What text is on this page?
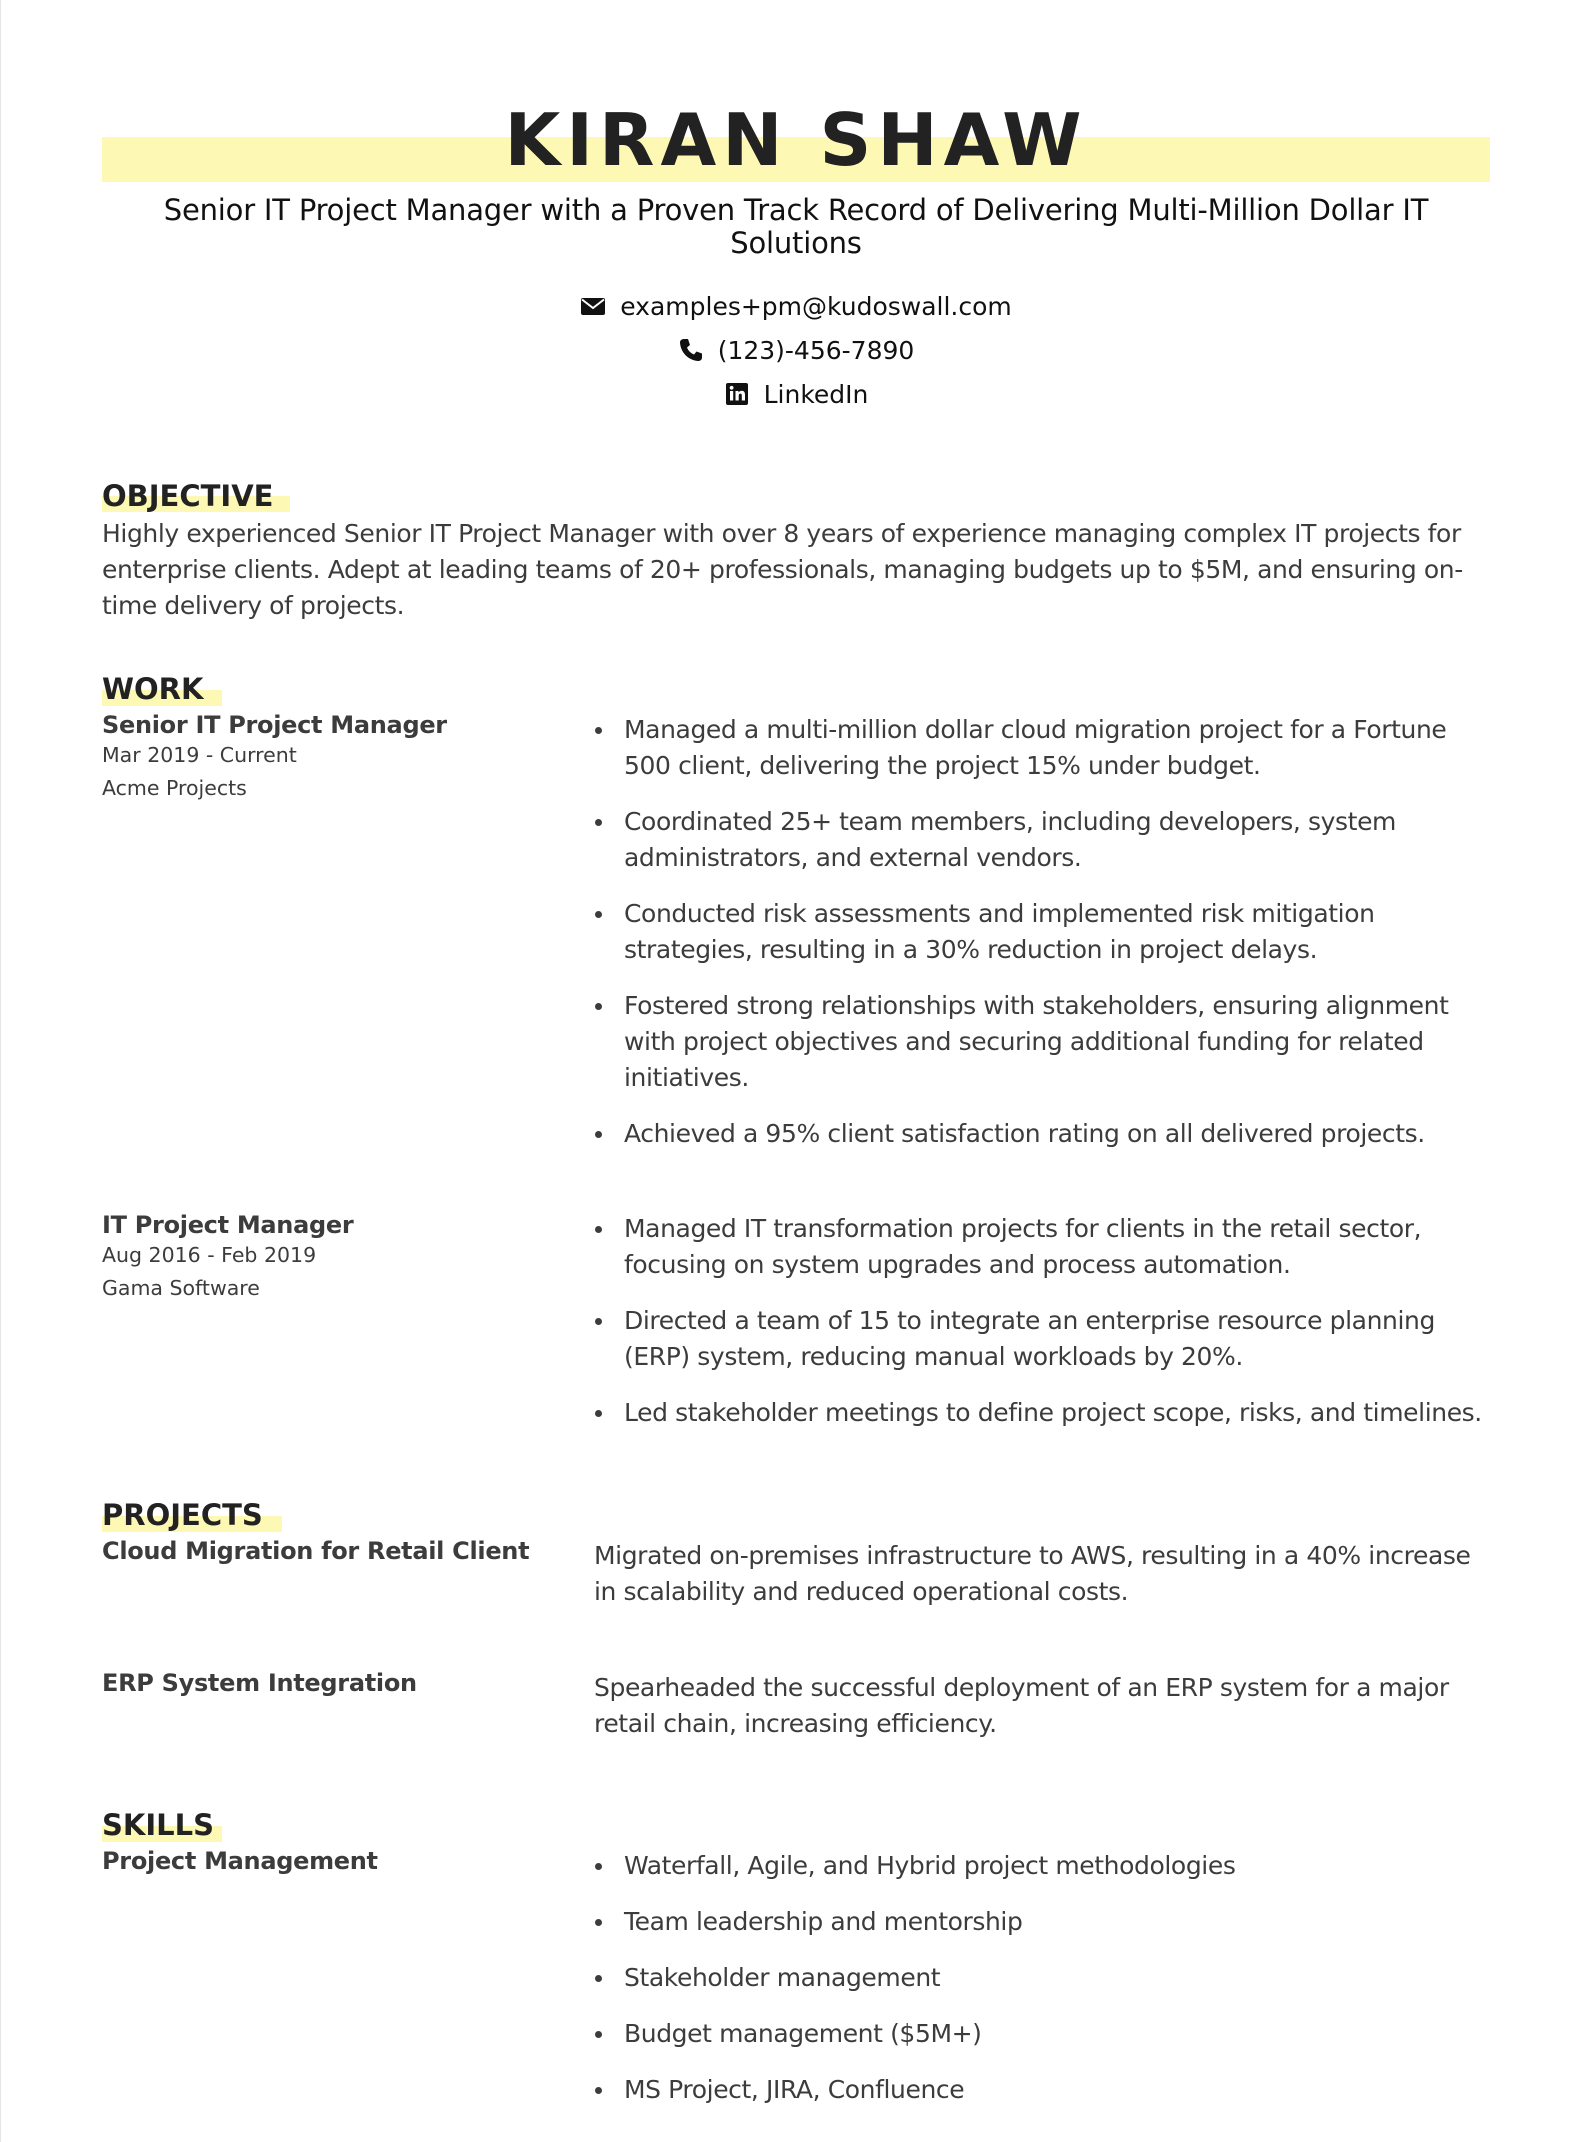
KIRAN SHAW
Senior IT Project Manager with a Proven Track Record of Delivering Multi-Million Dollar IT Solutions
examples+pm@kudoswall.com
(123)-456-7890
LinkedIn
OBJECTIVE
Highly experienced Senior IT Project Manager with over 8 years of experience managing complex IT projects for enterprise clients. Adept at leading teams of 20+ professionals, managing budgets up to $5M, and ensuring on-time delivery of projects.
WORK
Senior IT Project Manager
Mar 2019 - Current
Acme Projects
Managed a multi-million dollar cloud migration project for a Fortune 500 client, delivering the project 15% under budget.
Coordinated 25+ team members, including developers, system administrators, and external vendors.
Conducted risk assessments and implemented risk mitigation strategies, resulting in a 30% reduction in project delays.
Fostered strong relationships with stakeholders, ensuring alignment with project objectives and securing additional funding for related initiatives.
Achieved a 95% client satisfaction rating on all delivered projects.
IT Project Manager
Aug 2016 - Feb 2019
Gama Software
Managed IT transformation projects for clients in the retail sector, focusing on system upgrades and process automation.
Directed a team of 15 to integrate an enterprise resource planning (ERP) system, reducing manual workloads by 20%.
Led stakeholder meetings to define project scope, risks, and timelines.
PROJECTS
Cloud Migration for Retail Client	Migrated on-premises infrastructure to AWS, resulting in a 40% increase in scalability and reduced operational costs.
ERP System Integration	Spearheaded the successful deployment of an ERP system for a major retail chain, increasing efficiency.
SKILLS
Project Management	Waterfall, Agile, and Hybrid project methodologies
Team leadership and mentorship
Stakeholder management
Budget management ($5M+)
MS Project, JIRA, Confluence
